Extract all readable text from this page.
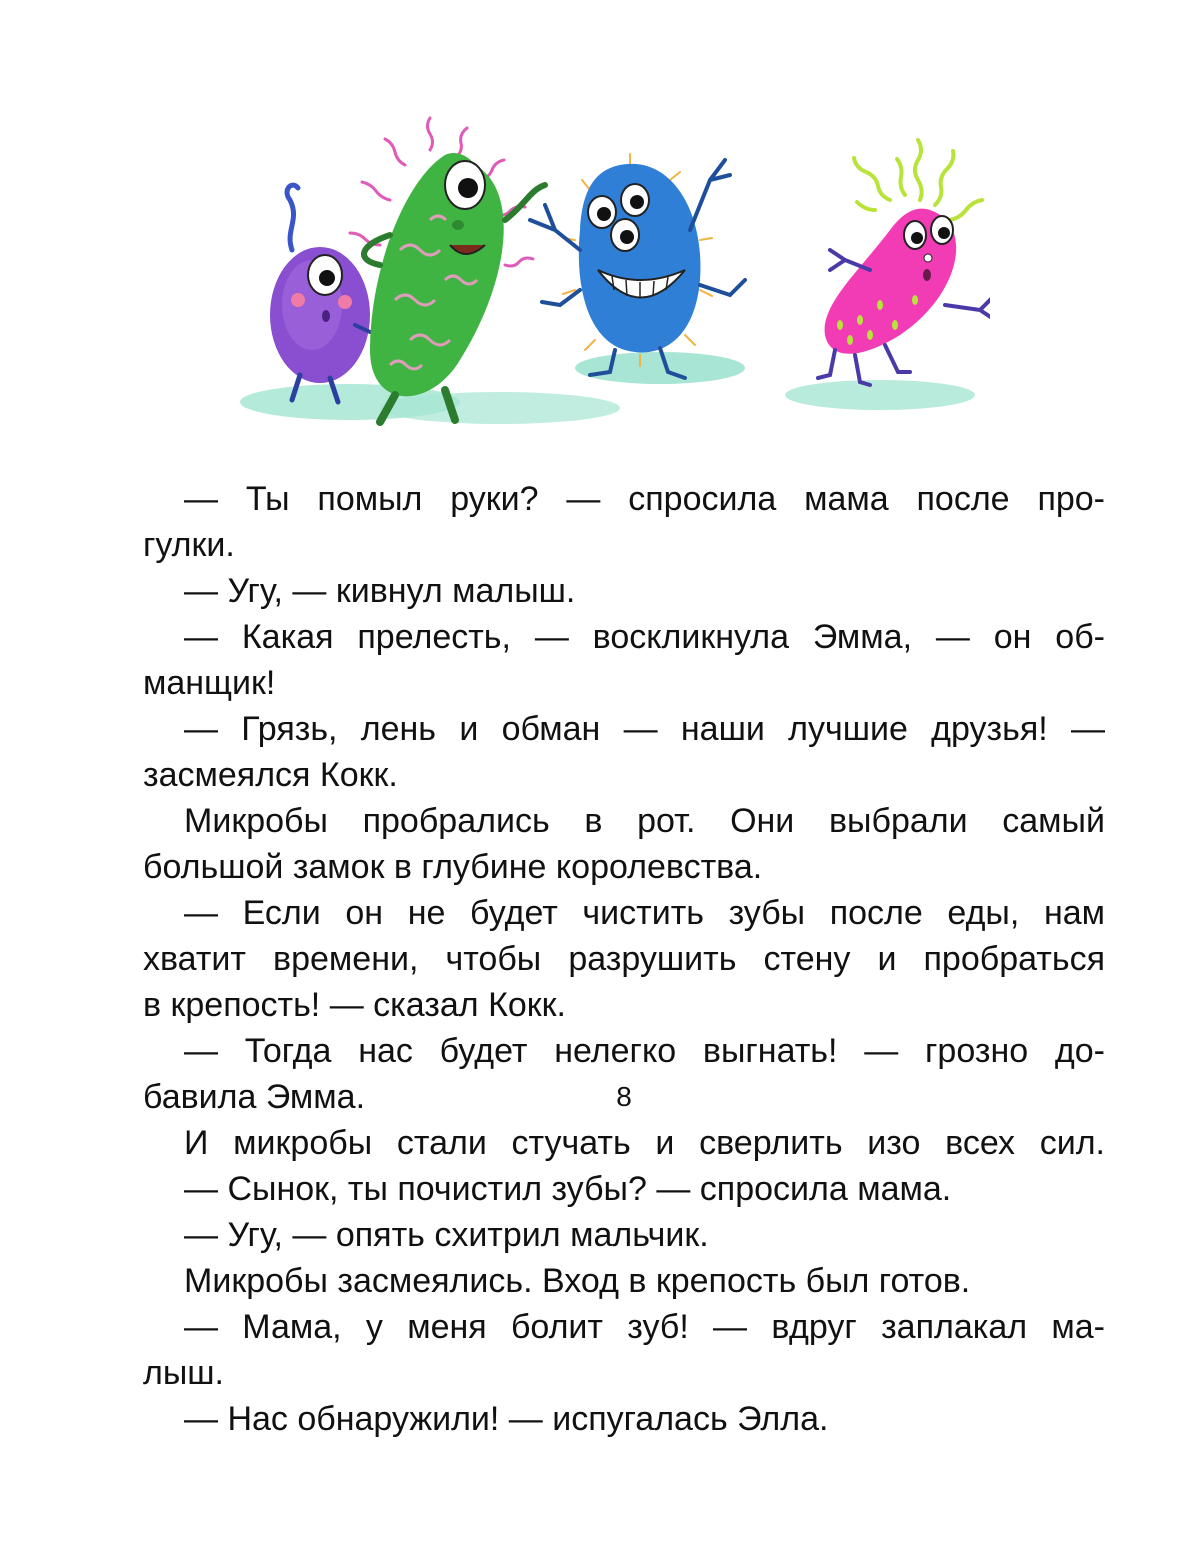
— Ты помыл руки? — спросила мама после про-
гулки.
— Угу, — кивнул малыш.
— Какая прелесть, — воскликнула Эмма, — он об-
манщик!
— Грязь, лень и обман — наши лучшие друзья! —
засмеялся Кокк.
Микробы пробрались в рот. Они выбрали самый
большой замок в глубине королевства.
— Если он не будет чистить зубы после еды, нам
хватит времени, чтобы разрушить стену и пробраться
в крепость! — сказал Кокк.
— Тогда нас будет нелегко выгнать! — грозно до-
бавила Эмма.
И микробы стали стучать и сверлить изо всех сил.
— Сынок, ты почистил зубы? — спросила мама.
— Угу, — опять схитрил мальчик.
Микробы засмеялись. Вход в крепость был готов.
— Мама, у меня болит зуб! — вдруг заплакал ма-
лыш.
— Нас обнаружили! — испугалась Элла.
8
